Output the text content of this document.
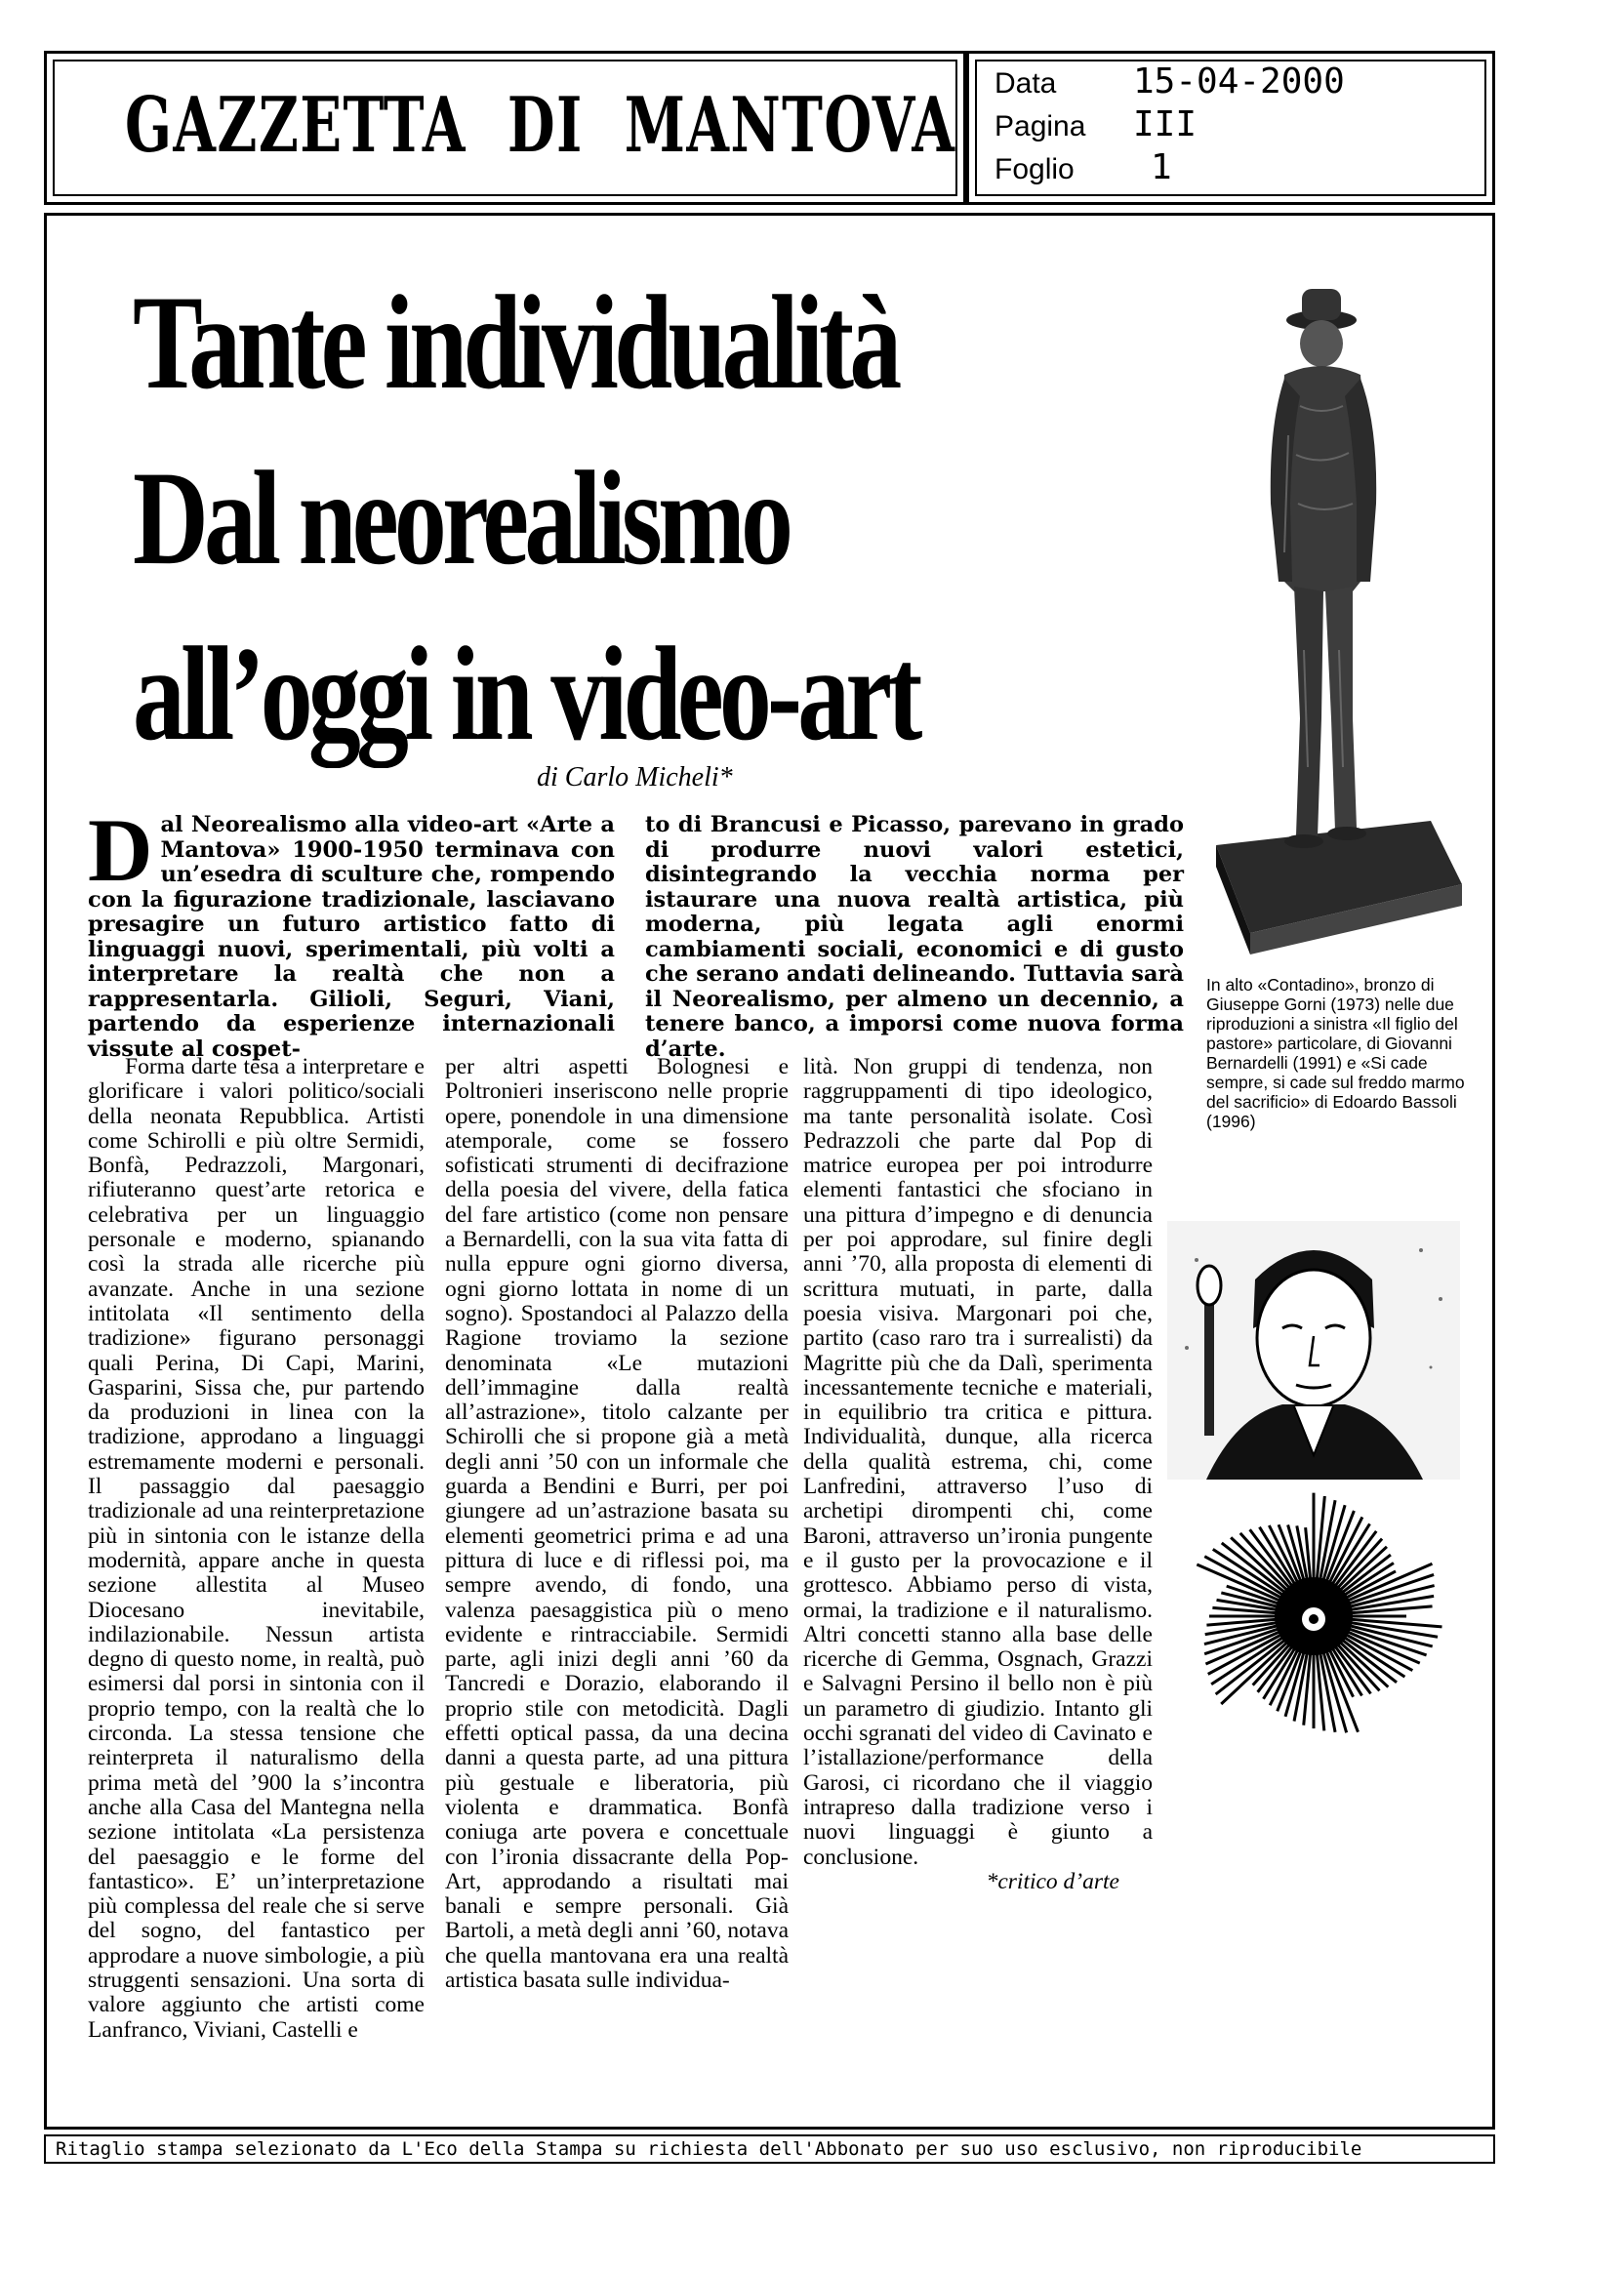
GAZZETTA  DI  MANTOVA Data 15-04-2000
Pagina III
Foglio 1
Tante individualità
Dal neorealismo
all’oggi in video-art
di Carlo Micheli*
Dal Neorealismo alla video-art «Arte a Mantova» 1900-1950 terminava con un’esedra di sculture che, rompendo con la figurazione tradizionale, lasciavano presagire un futuro artistico fatto di linguaggi nuovi, sperimentali, più volti a interpretare la realtà che non a rappresentarla. Gilioli, Seguri, Viani, partendo da esperienze internazionali vissute al cospet-
to di Brancusi e Picasso, parevano in grado di produrre nuovi valori estetici, disintegrando la vecchia norma per istaurare una nuova realtà artistica, più moderna, più legata agli enormi cambiamenti sociali, economici e di gusto che serano andati delineando. Tuttavia sarà il Neorealismo, per almeno un decennio, a tenere banco, a imporsi come nuova forma d’arte.
Forma darte tesa a interpretare e glorificare i valori politico/sociali della neonata Repubblica. Artisti come Schirolli e più oltre Sermidi, Bonfà, Pedrazzoli, Margonari, rifiuteranno quest’arte retorica e celebrativa per un linguaggio personale e moderno, spianando così la strada alle ricerche più avanzate. Anche in una sezione intitolata «Il sentimento della tradizione» figurano personaggi quali Perina, Di Capi, Marini, Gasparini, Sissa che, pur partendo da produzioni in linea con la tradizione, approdano a linguaggi estremamente moderni e personali. Il passaggio dal paesaggio tradizionale ad una reinterpretazione più in sintonia con le istanze della modernità, appare anche in questa sezione allestita al Museo Diocesano inevitabile, indilazionabile. Nessun artista degno di questo nome, in realtà, può esimersi dal porsi in sintonia con il proprio tempo, con la realtà che lo circonda. La stessa tensione che reinterpreta il naturalismo della prima metà del ’900 la s’incontra anche alla Casa del Mantegna nella sezione intitolata «La persistenza del paesaggio e le forme del fantastico». E’ un’interpretazione più complessa del reale che si serve del sogno, del fantastico per approdare a nuove simbologie, a più struggenti sensazioni. Una sorta di valore aggiunto che artisti come Lanfranco, Viviani, Castelli e
per altri aspetti Bolognesi e Poltronieri inseriscono nelle proprie opere, ponendole in una dimensione atemporale, come se fossero sofisticati strumenti di decifrazione della poesia del vivere, della fatica del fare artistico (come non pensare a Bernardelli, con la sua vita fatta di nulla eppure ogni giorno diversa, ogni giorno lottata in nome di un sogno). Spostandoci al Palazzo della Ragione troviamo la sezione denominata «Le mutazioni dell’immagine dalla realtà all’astrazione», titolo calzante per Schirolli che si propone già a metà degli anni ’50 con un informale che guarda a Bendini e Burri, per poi giungere ad un’astrazione basata su elementi geometrici prima e ad una pittura di luce e di riflessi poi, ma sempre avendo, di fondo, una valenza paesaggistica più o meno evidente e rintracciabile. Sermidi parte, agli inizi degli anni ’60 da Tancredi e Dorazio, elaborando il proprio stile con metodicità. Dagli effetti optical passa, da una decina danni a questa parte, ad una pittura più gestuale e liberatoria, più violenta e drammatica. Bonfà coniuga arte povera e concettuale con l’ironia dissacrante della Pop-Art, approdando a risultati mai banali e sempre personali. Già Bartoli, a metà degli anni ’60, notava che quella mantovana era una realtà artistica basata sulle individua-
lità. Non gruppi di tendenza, non raggruppamenti di tipo ideologico, ma tante personalità isolate. Così Pedrazzoli che parte dal Pop di matrice europea per poi introdurre elementi fantastici che sfociano in una pittura d’impegno e di denuncia per poi approdare, sul finire degli anni ’70, alla proposta di elementi di scrittura mutuati, in parte, dalla poesia visiva. Margonari poi che, partito (caso raro tra i surrealisti) da Magritte più che da Dalì, sperimenta incessantemente tecniche e materiali, in equilibrio tra critica e pittura. Individualità, dunque, alla ricerca della qualità estrema, chi, come Lanfredini, attraverso l’uso di archetipi dirompenti chi, come Baroni, attraverso un’ironia pungente e il gusto per la provocazione e il grottesco. Abbiamo perso di vista, ormai, la tradizione e il naturalismo. Altri concetti stanno alla base delle ricerche di Gemma, Osgnach, Grazzi e Salvagni Persino il bello non è più un parametro di giudizio. Intanto gli occhi sgranati del video di Cavinato e l’istallazione/performance della Garosi, ci ricordano che il viaggio intrapreso dalla tradizione verso i nuovi linguaggi è giunto a conclusione.
*critico d’arte
In alto «Contadino», bronzo di Giuseppe Gorni (1973) nelle due riproduzioni a sinistra «Il figlio del pastore» particolare, di Giovanni Bernardelli (1991) e «Si cade sempre, si cade sul freddo marmo del sacrificio» di Edoardo Bassoli (1996)
Ritaglio stampa selezionato da L'Eco della Stampa su richiesta dell'Abbonato per suo uso esclusivo, non riproducibile
